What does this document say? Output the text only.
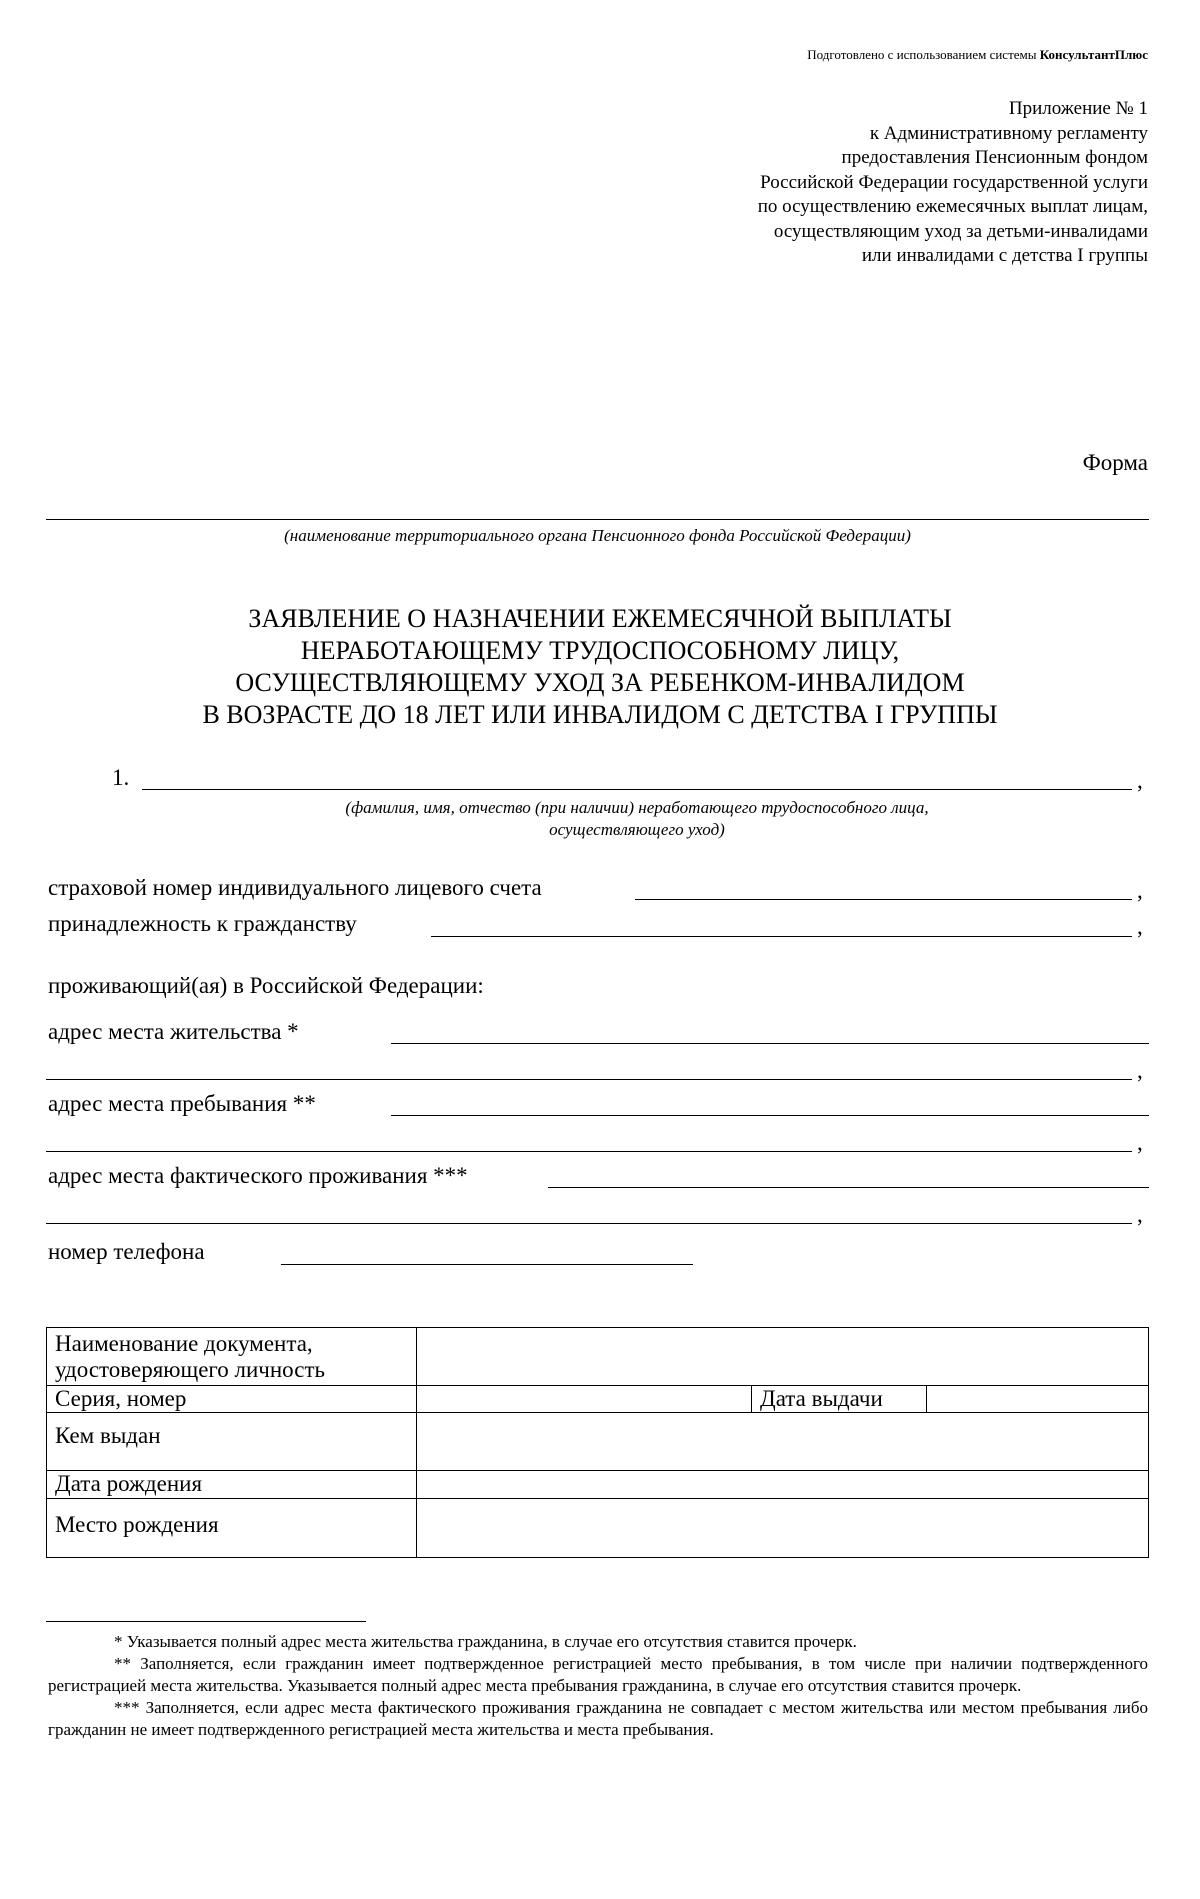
Подготовлено с использованием системы КонсультантПлюс
Приложение № 1
к Административному регламенту
предоставления Пенсионным фондом
Российской Федерации государственной услуги
по осуществлению ежемесячных выплат лицам,
осуществляющим уход за детьми-инвалидами
или инвалидами с детства I группы
Форма
(наименование территориального органа Пенсионного фонда Российской Федерации)
ЗАЯВЛЕНИЕ О НАЗНАЧЕНИИ ЕЖЕМЕСЯЧНОЙ ВЫПЛАТЫ
НЕРАБОТАЮЩЕМУ ТРУДОСПОСОБНОМУ ЛИЦУ,
ОСУЩЕСТВЛЯЮЩЕМУ УХОД ЗА РЕБЕНКОМ-ИНВАЛИДОМ
В ВОЗРАСТЕ ДО 18 ЛЕТ ИЛИ ИНВАЛИДОМ С ДЕТСТВА I ГРУППЫ
1.	,
(фамилия, имя, отчество (при наличии) неработающего трудоспособного лица,
осуществляющего уход)
страховой номер индивидуального лицевого счета	,
принадлежность к гражданству	,
проживающий(ая) в Российской Федерации:
адрес места жительства *
,
адрес места пребывания **
,
адрес места фактического проживания ***
,
номер телефона
Наименование документа,
удостоверяющего личность			

Серия, номер		Дата выдачи	
Кем выдан			
Дата рождения			
Место рождения			

* Указывается полный адрес места жительства гражданина, в случае его отсутствия ставится прочерк.

** Заполняется, если гражданин имеет подтвержденное регистрацией место пребывания, в том числе при наличии подтвержденного регистрацией места жительства. Указывается полный адрес места пребывания гражданина, в случае его отсутствия ставится прочерк.

*** Заполняется, если адрес места фактического проживания гражданина не совпадает с местом жительства или местом пребывания либо гражданин не имеет подтвержденного регистрацией места жительства и места пребывания.
